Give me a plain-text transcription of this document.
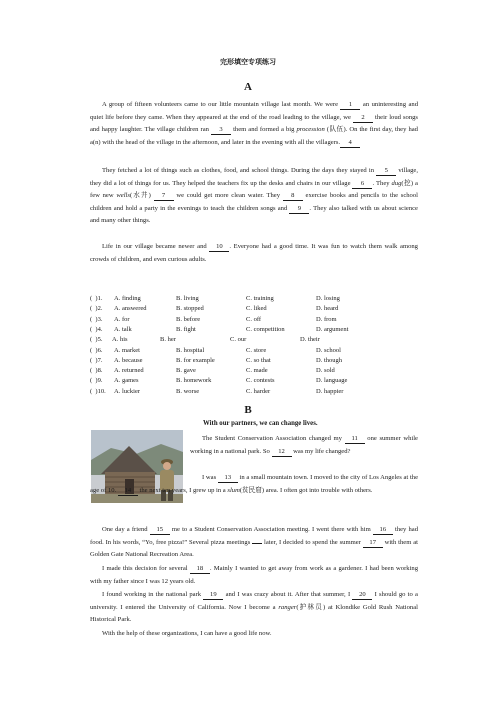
完形填空专项练习
A
A group of fifteen volunteers came to our little mountain village last month. We were 1 an uninteresting and quiet life before they came. When they appeared at the end of the road leading to the village, we 2 their loud songs and happy laughter. The village children ran 3 them and formed a big procession (队伍). On the first day, they had a(n) with the head of the village in the afternoon, and later in the evening with all the villagers. 4
They fetched a lot of things such as clothes, food, and school things. During the days they stayed in 5 village, they did a lot of things for us. They helped the teachers fix up the desks and chairs in our village 6 . They dug(挖) a few new wells(水井) 7 we could get more clean water. They 8 exercise books and pencils to the school children and hold a party in the evenings to teach the children songs and 9 . They also talked with us about science and many other things.
Life in our village became newer and 10 . Everyone had a good time. It was fun to watch them walk among crowds of children, and even curious adults.
(  )1. A. finding	B. living	C. training	D. losing
(  )2. A. answered	B. stopped	C. liked	D. heard
(  )3. A. for	B. before	C. off	D. from
(  )4. A. talk	B. fight	C. competition	D. argument
(  )5. A. his	B. her	C. our	D. their
(  )6. A. market	B. hospital	C. store	D. school
(  )7. A. because	B. for example	C. so that	D. though
(  )8. A. returned	B. gave	C. made	D. sold
(  )9. A. games	B. homework	C. contests	D. language
(  )10. A. luckier	B. worse	C. harder	D. happier
B
With our partners, we can change lives.
The Student Conservation Association changed my 11 one summer while working in a national park. So 12 was my life changed?
I was 13 in a small mountain town. I moved to the city of Los Angeles at the age of 10. 14 the next ten years, I grew up in a slum(贫民窟) area. I often got into trouble with others.
One day a friend 15 me to a Student Conservation Association meeting. I went there with him 16 they had food. In his words, “Yo, free pizza!” Several pizza meetings  later, I decided to spend the summer 17 with them at Golden Gate National Recreation Area.
I made this decision for several 18 . Mainly I wanted to get away from work as a gardener. I had been working with my father since I was 12 years old.
I found working in the national park 19 and I was crazy about it. After that summer, I 20 I should go to a university. I entered the University of California. Now I become a ranger(护林员) at Klondike Gold Rush National Historical Park.
With the help of these organizations, I can have a good life now.
